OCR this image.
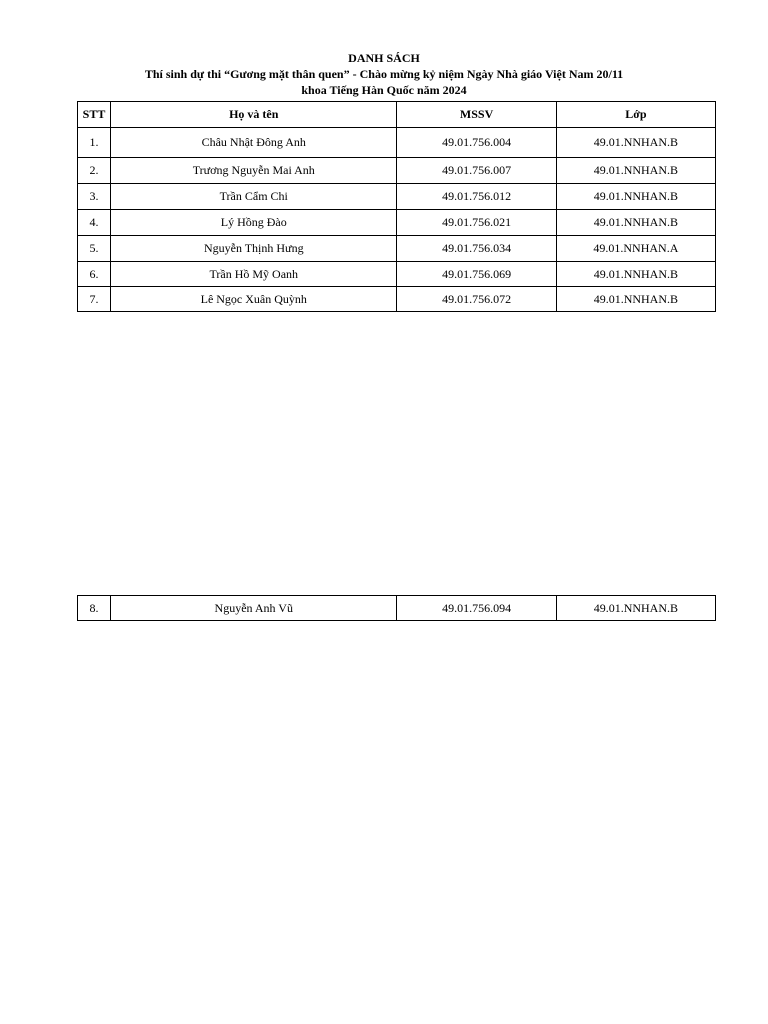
DANH SÁCH
Thí sinh dự thi “Gương mặt thân quen” - Chào mừng kỷ niệm Ngày Nhà giáo Việt Nam 20/11
khoa Tiếng Hàn Quốc năm 2024
STT	Họ và tên	MSSV	Lớp
1.	Châu Nhật Đông Anh	49.01.756.004	49.01.NNHAN.B
2.	Trương Nguyễn Mai Anh	49.01.756.007	49.01.NNHAN.B
3.	Trần Cẩm Chi	49.01.756.012	49.01.NNHAN.B
4.	Lý Hồng Đào	49.01.756.021	49.01.NNHAN.B
5.	Nguyễn Thịnh Hưng	49.01.756.034	49.01.NNHAN.A
6.	Trần Hồ Mỹ Oanh	49.01.756.069	49.01.NNHAN.B
7.	Lê Ngọc Xuân Quỳnh	49.01.756.072	49.01.NNHAN.B
8.	Nguyễn Anh Vũ	49.01.756.094	49.01.NNHAN.B
